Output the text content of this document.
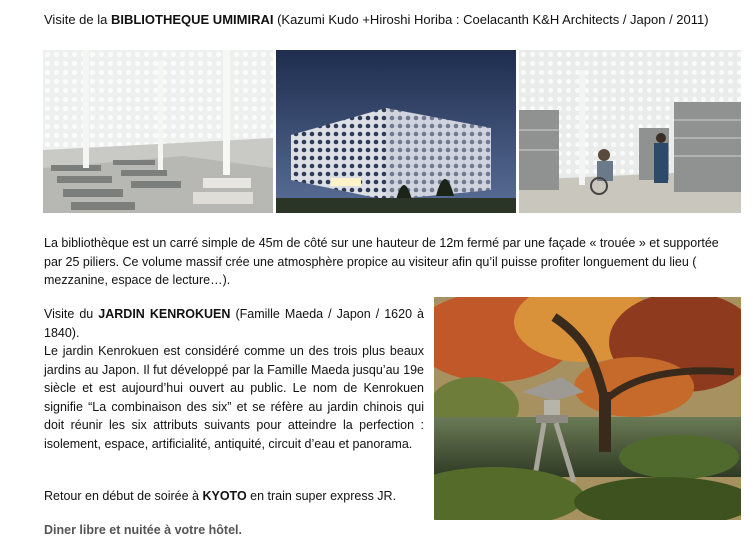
Visite de la BIBLIOTHEQUE UMIMIRAI (Kazumi Kudo +Hiroshi Horiba : Coelacanth K&H Architects / Japon / 2011)
La bibliothèque est un carré simple de 45m de côté sur une hauteur de 12m fermé par une façade « trouée » et supportée par 25 piliers. Ce volume massif crée une atmosphère propice au visiteur afin qu’il puisse profiter longuement du lieu ( mezzanine, espace de lecture…).
Visite du JARDIN KENROKUEN (Famille Maeda / Japon / 1620 à 1840).
Le jardin Kenrokuen est considéré comme un des trois plus beaux jardins au Japon. Il fut développé par la Famille Maeda jusqu’au 19e siècle et est aujourd’hui ouvert au public. Le nom de Kenrokuen signifie “La combinaison des six” et se réfère au jardin chinois qui doit réunir les six attributs suivants pour atteindre la perfection : isolement, espace, artificialité, antiquité, circuit d’eau et panorama.
Retour en début de soirée à KYOTO en train super express JR.
Diner libre et nuitée à votre hôtel.
